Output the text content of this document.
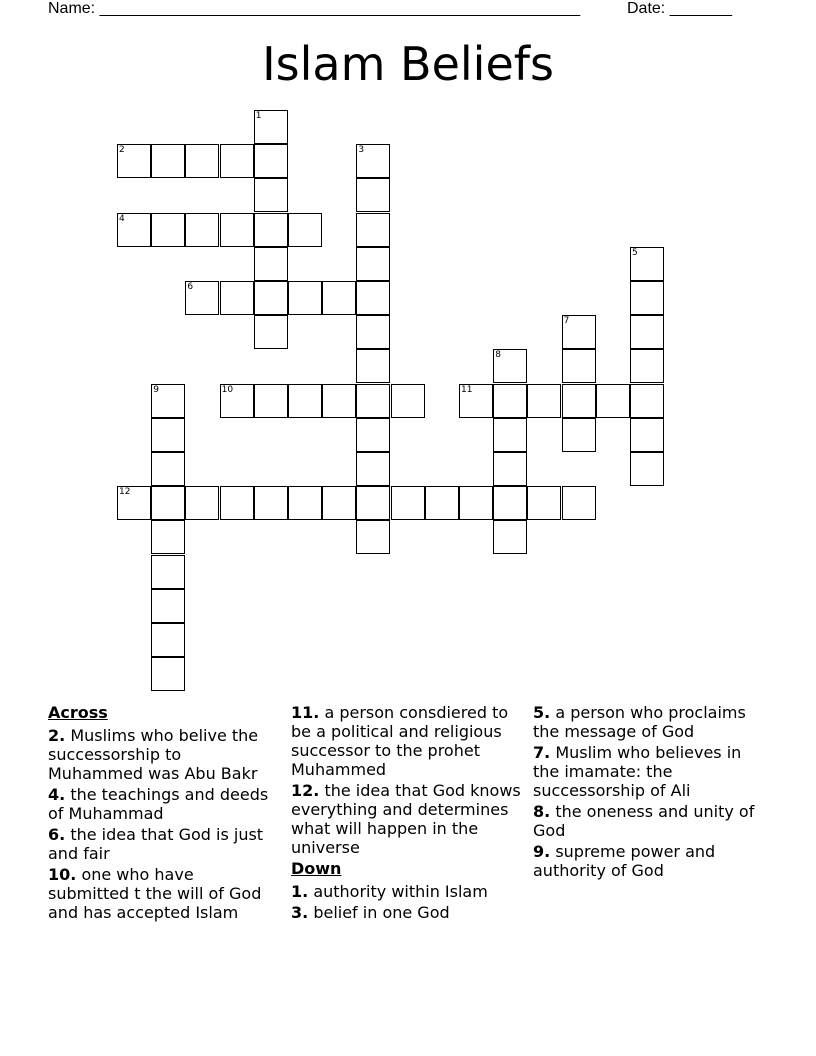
Name: ______________________________________________________	Date: _______
Islam Beliefs
1
2	3
4
5
6
7
8
9	10	11
12
Across
2. Muslims who belive the successorship to Muhammed was Abu Bakr
4. the teachings and deeds of Muhammad
6. the idea that God is just and fair
10. one who have submitted t the will of God and has accepted Islam
11. a person consdiered to be a political and religious successor to the prohet Muhammed
12. the idea that God knows everything and determines what will happen in the universe
Down
1. authority within Islam
3. belief in one God
5. a person who proclaims the message of God
7. Muslim who believes in the imamate: the successorship of Ali
8. the oneness and unity of God
9. supreme power and authority of God
